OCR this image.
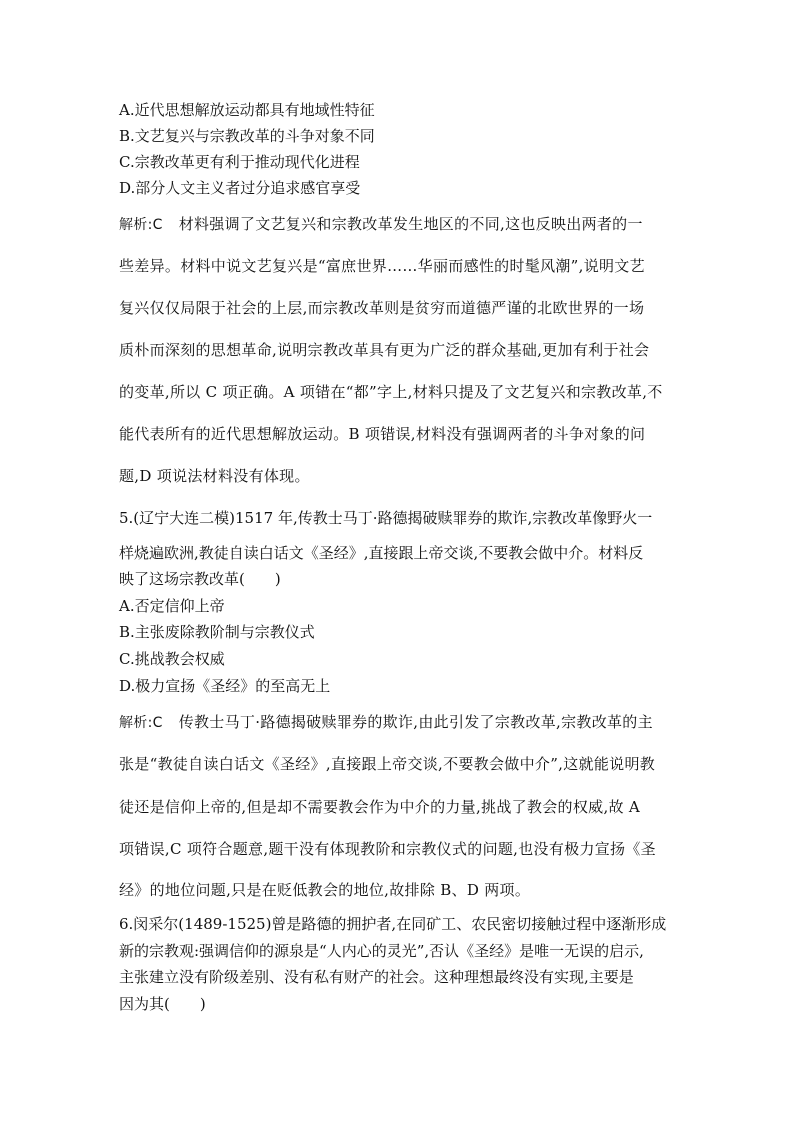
A.近代思想解放运动都具有地域性特征
B.文艺复兴与宗教改革的斗争对象不同
C.宗教改革更有利于推动现代化进程
D.部分人文主义者过分追求感官享受
解析:C 材料强调了文艺复兴和宗教改革发生地区的不同,这也反映出两者的一
些差异。材料中说文艺复兴是“富庶世界……华丽而感性的时髦风潮”,说明文艺
复兴仅仅局限于社会的上层,而宗教改革则是贫穷而道德严谨的北欧世界的一场
质朴而深刻的思想革命,说明宗教改革具有更为广泛的群众基础,更加有利于社会
的变革,所以 C 项正确。A 项错在“都”字上,材料只提及了文艺复兴和宗教改革,不
能代表所有的近代思想解放运动。B 项错误,材料没有强调两者的斗争对象的问
题,D 项说法材料没有体现。
5.(辽宁大连二模)1517 年,传教士马丁·路德揭破赎罪券的欺诈,宗教改革像野火一
样烧遍欧洲,教徒自读白话文《圣经》,直接跟上帝交谈,不要教会做中介。材料反
映了这场宗教改革(　　)
A.否定信仰上帝
B.主张废除教阶制与宗教仪式
C.挑战教会权威
D.极力宣扬《圣经》的至高无上
解析:C 传教士马丁·路德揭破赎罪券的欺诈,由此引发了宗教改革,宗教改革的主
张是“教徒自读白话文《圣经》,直接跟上帝交谈,不要教会做中介”,这就能说明教
徒还是信仰上帝的,但是却不需要教会作为中介的力量,挑战了教会的权威,故 A
项错误,C 项符合题意,题干没有体现教阶和宗教仪式的问题,也没有极力宣扬《圣
经》的地位问题,只是在贬低教会的地位,故排除 B、D 两项。
6.闵采尔(1489-1525)曾是路德的拥护者,在同矿工、农民密切接触过程中逐渐形成
新的宗教观:强调信仰的源泉是“人内心的灵光”,否认《圣经》是唯一无误的启示,
主张建立没有阶级差别、没有私有财产的社会。这种理想最终没有实现,主要是
因为其(　　)
